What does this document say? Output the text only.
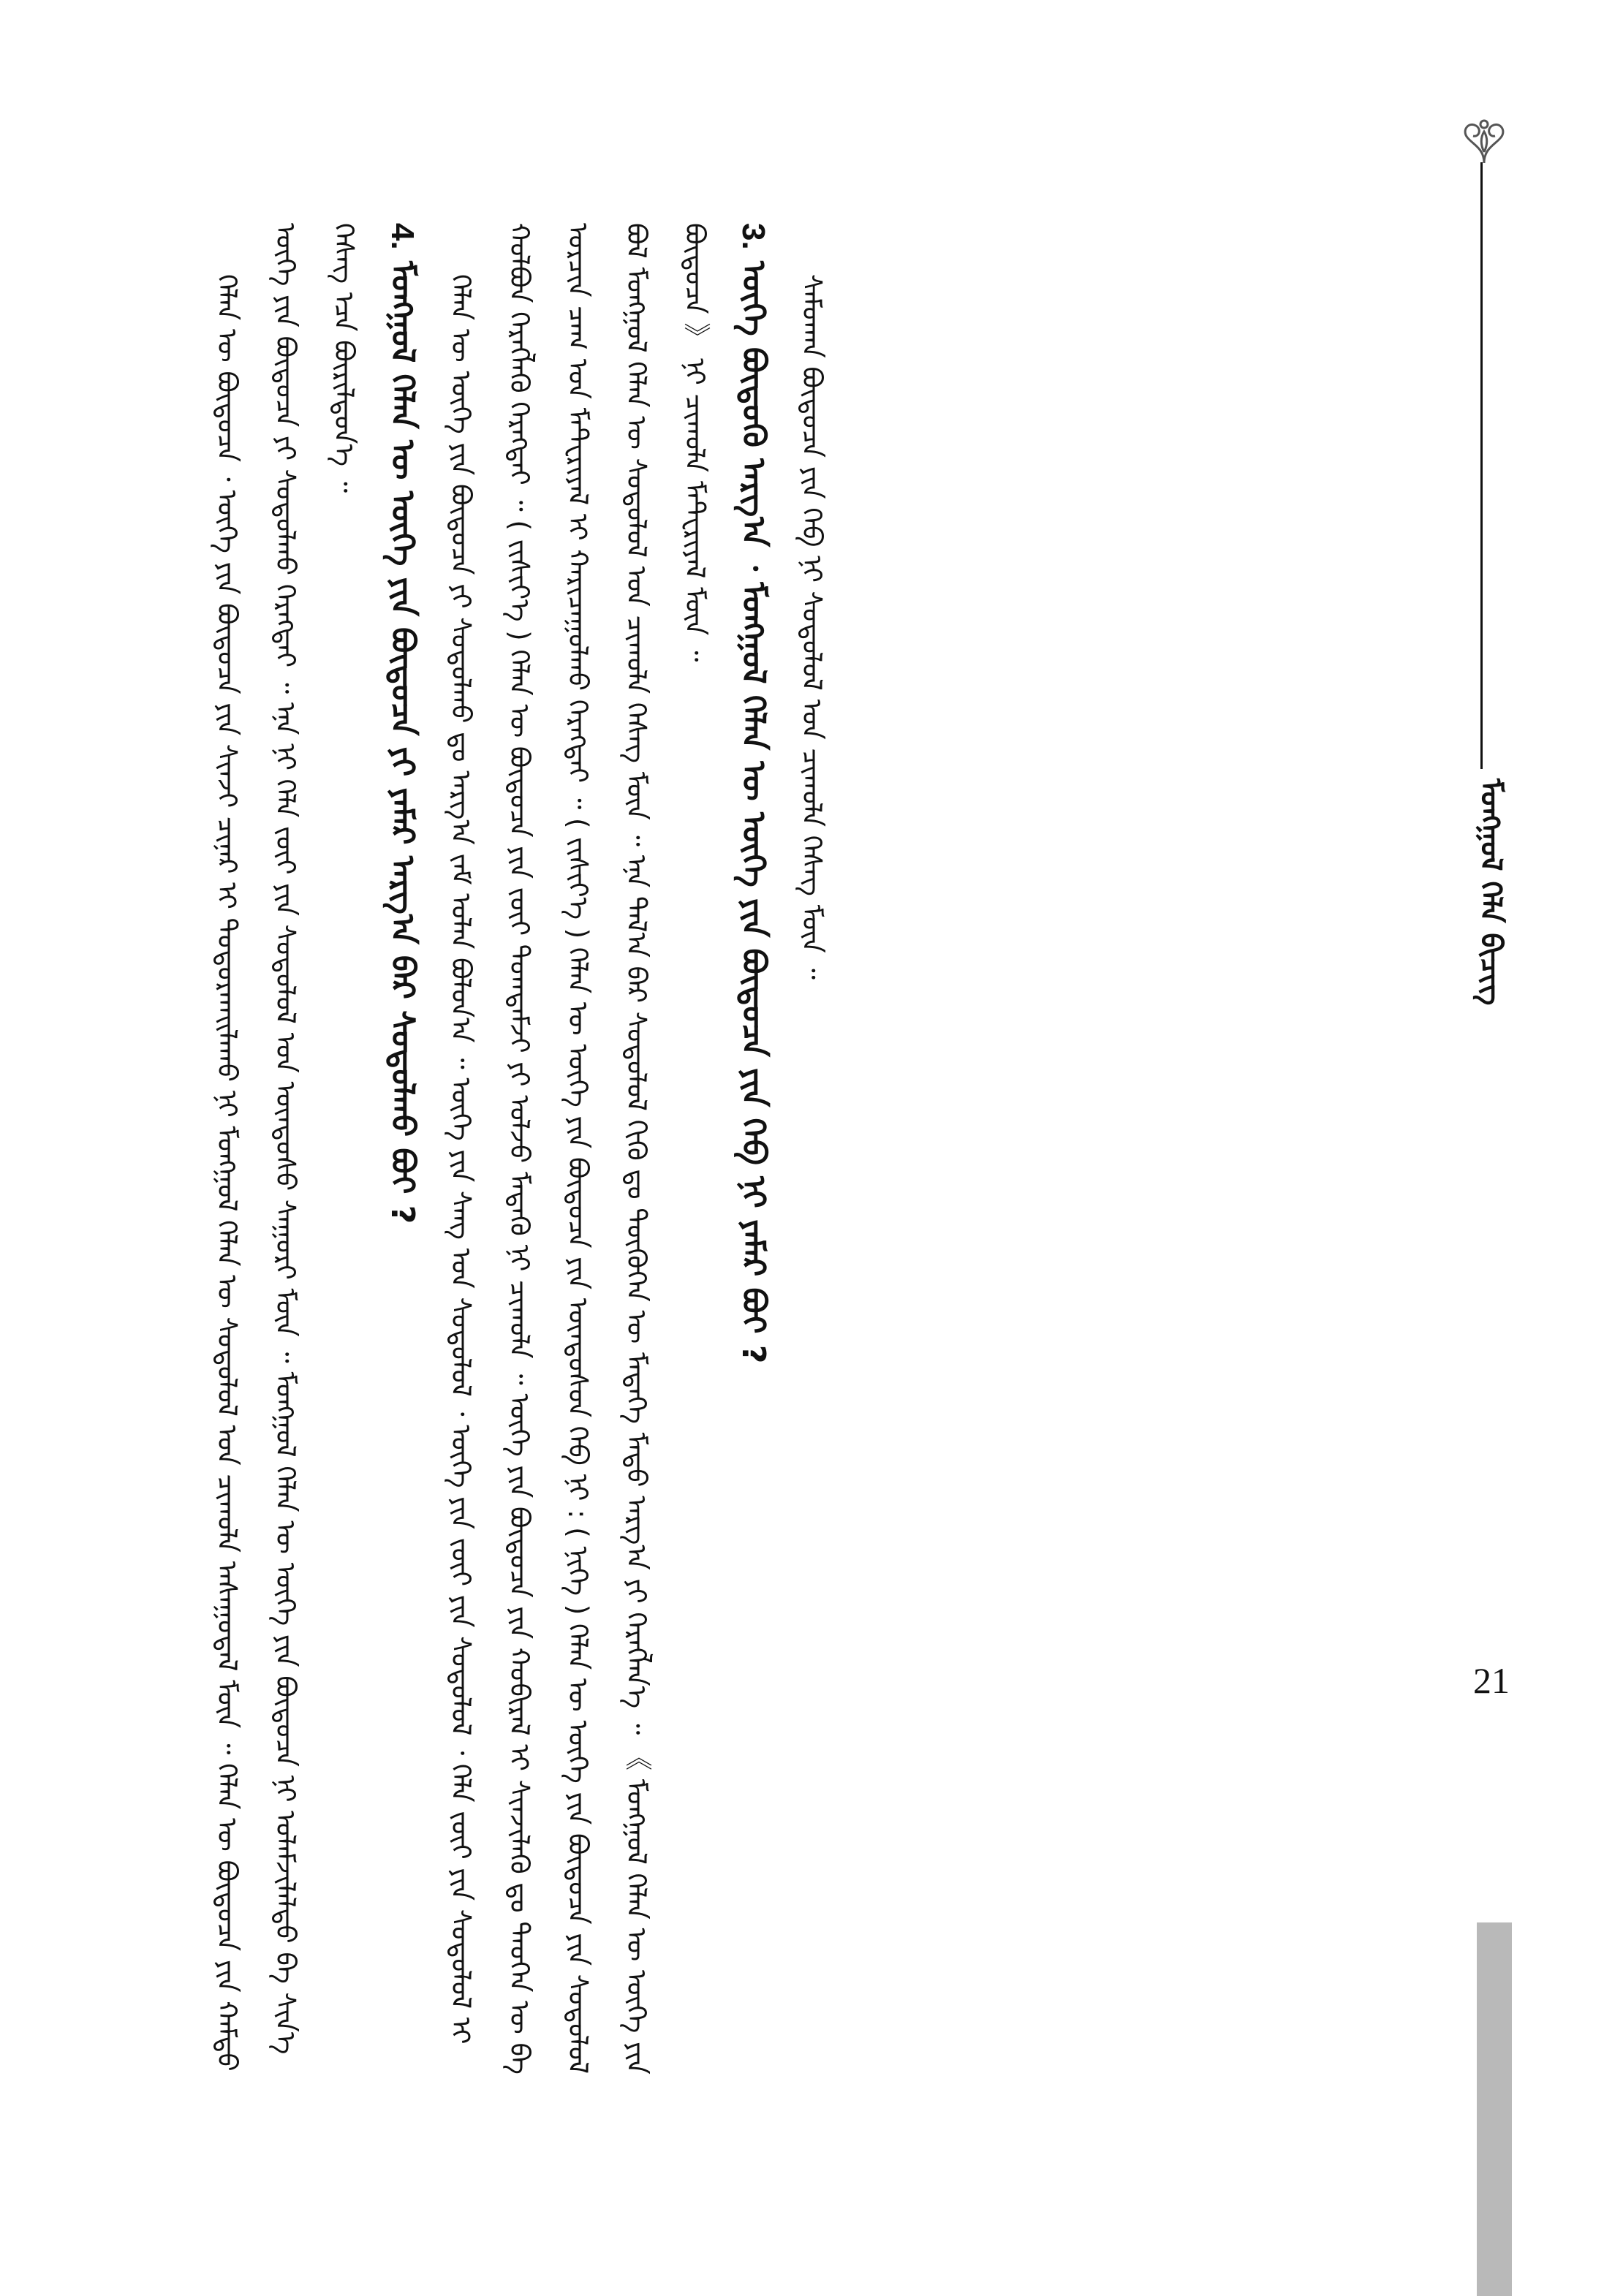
ᠮᠣᠩᠭᠣᠯ ᠬᠡᠯᠡ ᠪᠢᠴᠢᠭ
21

ᠬᠡᠯᠡᠨ ᠦ ᠪᠦᠲᠦᠴᠡ ᠂ ᠦᠭᠡ ᠶᠢᠨ ᠪᠦᠲᠦᠴᠡ ᠶᠢᠨ ᠰᠢᠨᠵᠢ ᠴᠢᠨᠠᠷ ᠢ ᠲᠣᠳᠣᠷᠬᠠᠢᠯᠠᠬᠤ ᠨᠢ ᠮᠣᠩᠭᠣᠯ ᠬᠡᠯᠡᠨ ᠦ ᠰᠤᠳᠤᠯᠤᠯ ᠤᠨ ᠴᠢᠬᠤᠯᠠ ᠠᠰᠠᠭᠤᠳᠠᠯ ᠮᠥᠨ ᠃ ᠬᠡᠯᠡᠨ ᠦ ᠪᠦᠲᠦᠴᠡ ᠶᠢᠨ ᠬᠠᠮᠲᠤ ᠦᠭᠡ ᠶᠢᠨ ᠪᠦᠲᠦᠴᠡ ᠶᠢ ᠰᠤᠳᠤᠯᠬᠤ ᠬᠡᠷᠡᠭᠲᠡᠢ ᠃ ᠡᠨᠡ ᠨᠢ ᠬᠡᠯᠡ ᠵᠦᠢ ᠶᠢᠨ ᠰᠤᠳᠤᠯᠤᠯ ᠤᠨ ᠦᠨᠳᠦᠰᠦ ᠰᠠᠭᠤᠷᠢ ᠮᠥᠨ ᠃ ᠮᠣᠩᠭᠣᠯ ᠬᠡᠯᠡᠨ ᠦ ᠦᠭᠡ ᠶᠢᠨ ᠪᠦᠲᠦᠴᠡ ᠨᠢ ᠤᠯᠠᠮᠵᠢᠯᠠᠯᠲᠤ ᠪᠠ ᠰᠢᠨ᠎ᠡ ᠬᠡᠰᠡᠭ ᠡᠴᠡ ᠪᠦᠷᠢᠯᠳᠦᠨ᠎ᠡ ᠃ 4. ᠮᠣᠩᠭᠣᠯ ᠬᠡᠯᠡᠨ ᠦ ᠦᠭᠡ ᠶᠢᠨ ᠪᠦᠲᠦᠴᠡ ᠶᠢ ᠶᠠᠮᠠᠷ ᠠᠷᠭ᠎ᠠ ᠪᠠᠷ ᠰᠤᠳᠤᠯᠬᠤ ᠪᠤᠢ ? ᠬᠡᠯᠡᠨ ᠦ ᠦᠭᠡ ᠶᠢᠨ ᠪᠦᠲᠦᠴᠡ ᠶᠢ ᠰᠤᠳᠤᠯᠬᠤ ᠳᠤ ᠠᠷᠭ᠎ᠠ ᠵᠠᠮ ᠣᠯᠠᠨ ᠪᠣᠯᠣᠨ᠎ᠠ ᠃ ᠦᠭᠡ ᠶᠢᠨ ᠰᠠᠩ ᠤᠨ ᠰᠤᠳᠤᠯᠤᠯ ᠂ ᠦᠭᠡ ᠶᠢᠨ ᠵᠦᠢ ᠶᠢᠨ ᠰᠤᠳᠤᠯᠤᠯ ᠂ ᠬᠡᠯᠡ ᠵᠦᠢ ᠶᠢᠨ ᠰᠤᠳᠤᠯᠤᠯ ᠢ ᠬᠣᠯᠪᠣᠨ ᠬᠡᠷᠡᠭᠯᠡᠬᠦ ᠬᠡᠷᠡᠭᠲᠡᠢ ᠃ ( ᠵᠢᠱᠢᠶ᠎ᠡ ) ᠬᠡᠯᠡᠨ ᠦ ᠪᠦᠲᠦᠴᠡ ᠶᠢᠨ ᠵᠦᠢ ᠲᠣᠭᠲᠠᠮᠵᠢ ᠶᠢ ᠣᠯᠵᠤ ᠮᠡᠳᠡᠬᠦ ᠨᠢ ᠴᠢᠬᠤᠯᠠ ᠃ ᠦᠭᠡ ᠶᠢᠨ ᠪᠦᠲᠦᠴᠡ ᠶᠢᠨ ᠬᠤᠪᠢᠷᠠᠯ ᠢ ᠰᠢᠨᠵᠢᠯᠡᠬᠦ ᠳᠤ ᠲᠡᠦᠬᠡᠨ ᠦ ᠪᠠ ᠣᠷᠴᠢᠨ ᠴᠠᠭ ᠤᠨ ᠮᠠᠲ᠋ᠧᠷᠢᠶᠠᠯ ᠢ ᠬᠠᠷᠢᠴᠠᠭᠤᠯᠬᠤ ᠬᠡᠷᠡᠭᠲᠡᠢ ᠃ ( ᠵᠢᠱᠢᠶ᠎ᠡ ) ᠬᠡᠯᠡᠨ ᠦ ᠦᠭᠡ ᠶᠢᠨ ᠪᠦᠲᠦᠴᠡ ᠶᠢᠨ ᠦᠨᠳᠦᠰᠦᠨ ᠬᠡᠪ ᠨᠢ : ( ᠨᠢᠭᠡ ) ᠬᠡᠯᠡᠨ ᠦ ᠦᠭᠡ ᠶᠢᠨ ᠪᠦᠲᠦᠴᠡ ᠶᠢᠨ ᠰᠤᠳᠤᠯᠤᠯ ᠪᠣᠯ ᠮᠣᠩᠭᠣᠯ ᠬᠡᠯᠡᠨ ᠦ ᠰᠤᠳᠤᠯᠤᠯ ᠤᠨ ᠴᠢᠬᠤᠯᠠ ᠬᠡᠰᠡᠭ ᠮᠥᠨ ᠃ ᠡᠨᠡ ᠲᠠᠯ᠎ᠠ ᠪᠠᠷ ᠰᠤᠳᠤᠯᠤᠯ ᠬᠢᠬᠦ ᠳᠤ ᠲᠦᠭᠦᠬᠡᠨ ᠦ ᠮᠡᠳᠡᠭᠡ ᠮᠡᠲᠦ ᠠᠷᠭ᠎ᠠ ᠶᠢ ᠬᠡᠷᠡᠭᠯᠡᠨ᠎ᠡ ᠃ 《 ᠮᠣᠩᠭᠣᠯ ᠬᠡᠯᠡᠨ ᠦ ᠦᠭᠡ ᠶᠢᠨ ᠪᠦᠲᠦᠴᠡ 》 ᠨᠢ ᠴᠢᠬᠤᠯᠠ ᠮᠠᠲ᠋ᠧᠷᠢᠶᠠᠯ ᠮᠥᠨ ᠃ 3. ᠦᠭᠡ ᠪᠦᠲᠦᠬᠦ ᠠᠷᠭ᠎ᠠ ᠂ ᠮᠣᠩᠭᠣᠯ ᠬᠡᠯᠡᠨ ᠦ ᠦᠭᠡ ᠶᠢᠨ ᠪᠦᠲᠦᠴᠡ ᠶᠢᠨ ᠬᠡᠪ ᠨᠢ ᠶᠠᠮᠠᠷ ᠪᠤᠢ ? ᠰᠠᠮᠤᠬᠠᠨ ᠪᠦᠲᠦᠴᠡ ᠶᠢᠨ ᠬᠡᠪ ᠨᠢ ᠰᠤᠳᠤᠯᠤᠯ ᠤᠨ ᠴᠢᠬᠤᠯᠠ ᠬᠡᠰᠡᠭ ᠮᠥᠨ ᠃
